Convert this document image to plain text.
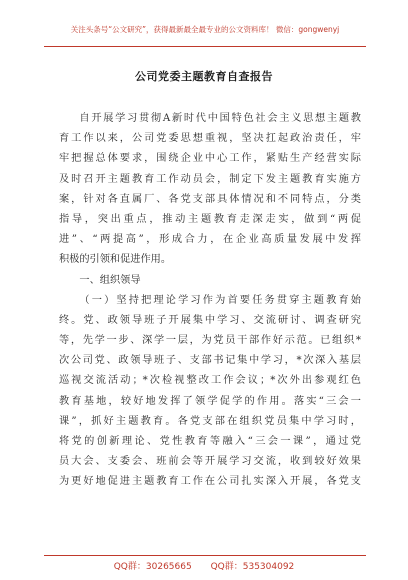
关注头条号“公文研究”，获得最新最全最专业的公文资料库！ 微信：gongwenyj
公司党委主题教育自查报告
自开展学习贯彻A新时代中国特色社会主义思想主题教
育工作以来，公司党委思想重视，坚决扛起政治责任，牢
牢把握总体要求，围绕企业中心工作，紧贴生产经营实际
及时召开主题教育工作动员会，制定下发主题教育实施方
案，针对各直属厂、各党支部具体情况和不同特点，分类
指导，突出重点，推动主题教育走深走实，做到“两促
进”、“两提高”，形成合力，在企业高质量发展中发挥
积极的引领和促进作用。
一、组织领导
（一）坚持把理论学习作为首要任务贯穿主题教育始
终。党、政领导班子开展集中学习、交流研讨、调查研究
等，先学一步、深学一层，为党员干部作好示范。已组织*
次公司党、政领导班子、支部书记集中学习，*次深入基层
巡视交流活动；*次检视整改工作会议；*次外出参观红色
教育基地，较好地发挥了领学促学的作用。落实“三会一
课”，抓好主题教育。各党支部在组织党员集中学习时，
将党的创新理论、党性教育等融入“三会一课”，通过党
员大会、支委会、班前会等开展学习交流，收到较好效果
为更好地促进主题教育工作在公司扎实深入开展，各党支
QQ群：30265665 QQ群：535304092
